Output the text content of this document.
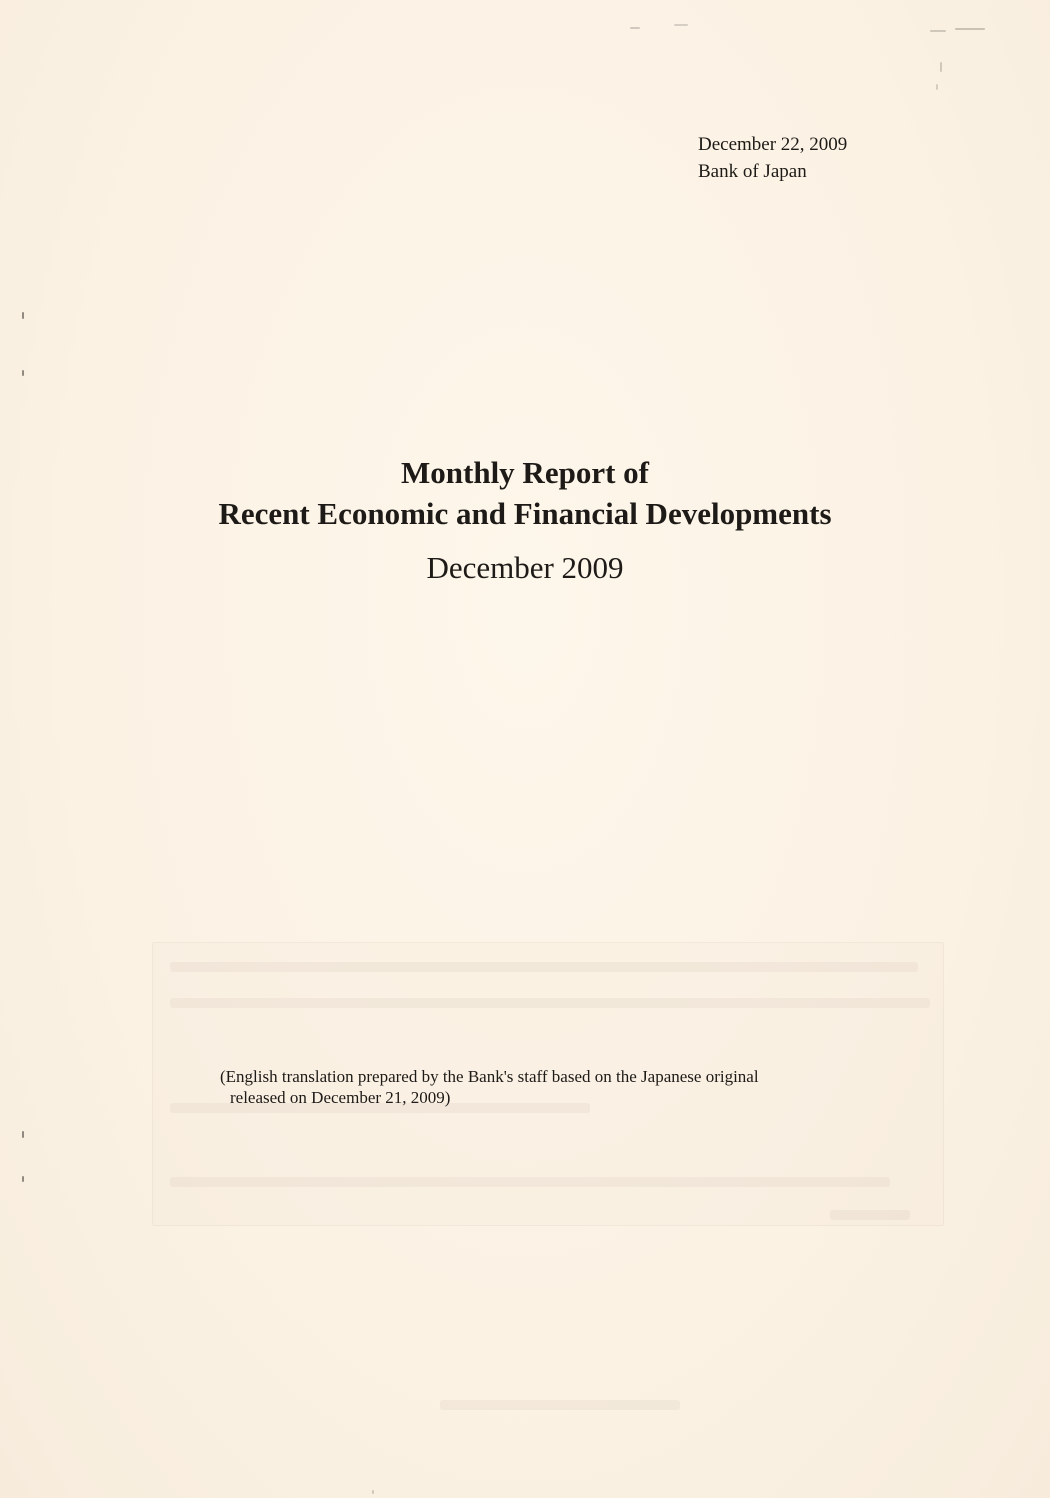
December 22, 2009
Bank of Japan
Monthly Report of
Recent Economic and Financial Developments
December 2009
(English translation prepared by the Bank's staff based on the Japanese original
released on December 21, 2009)
